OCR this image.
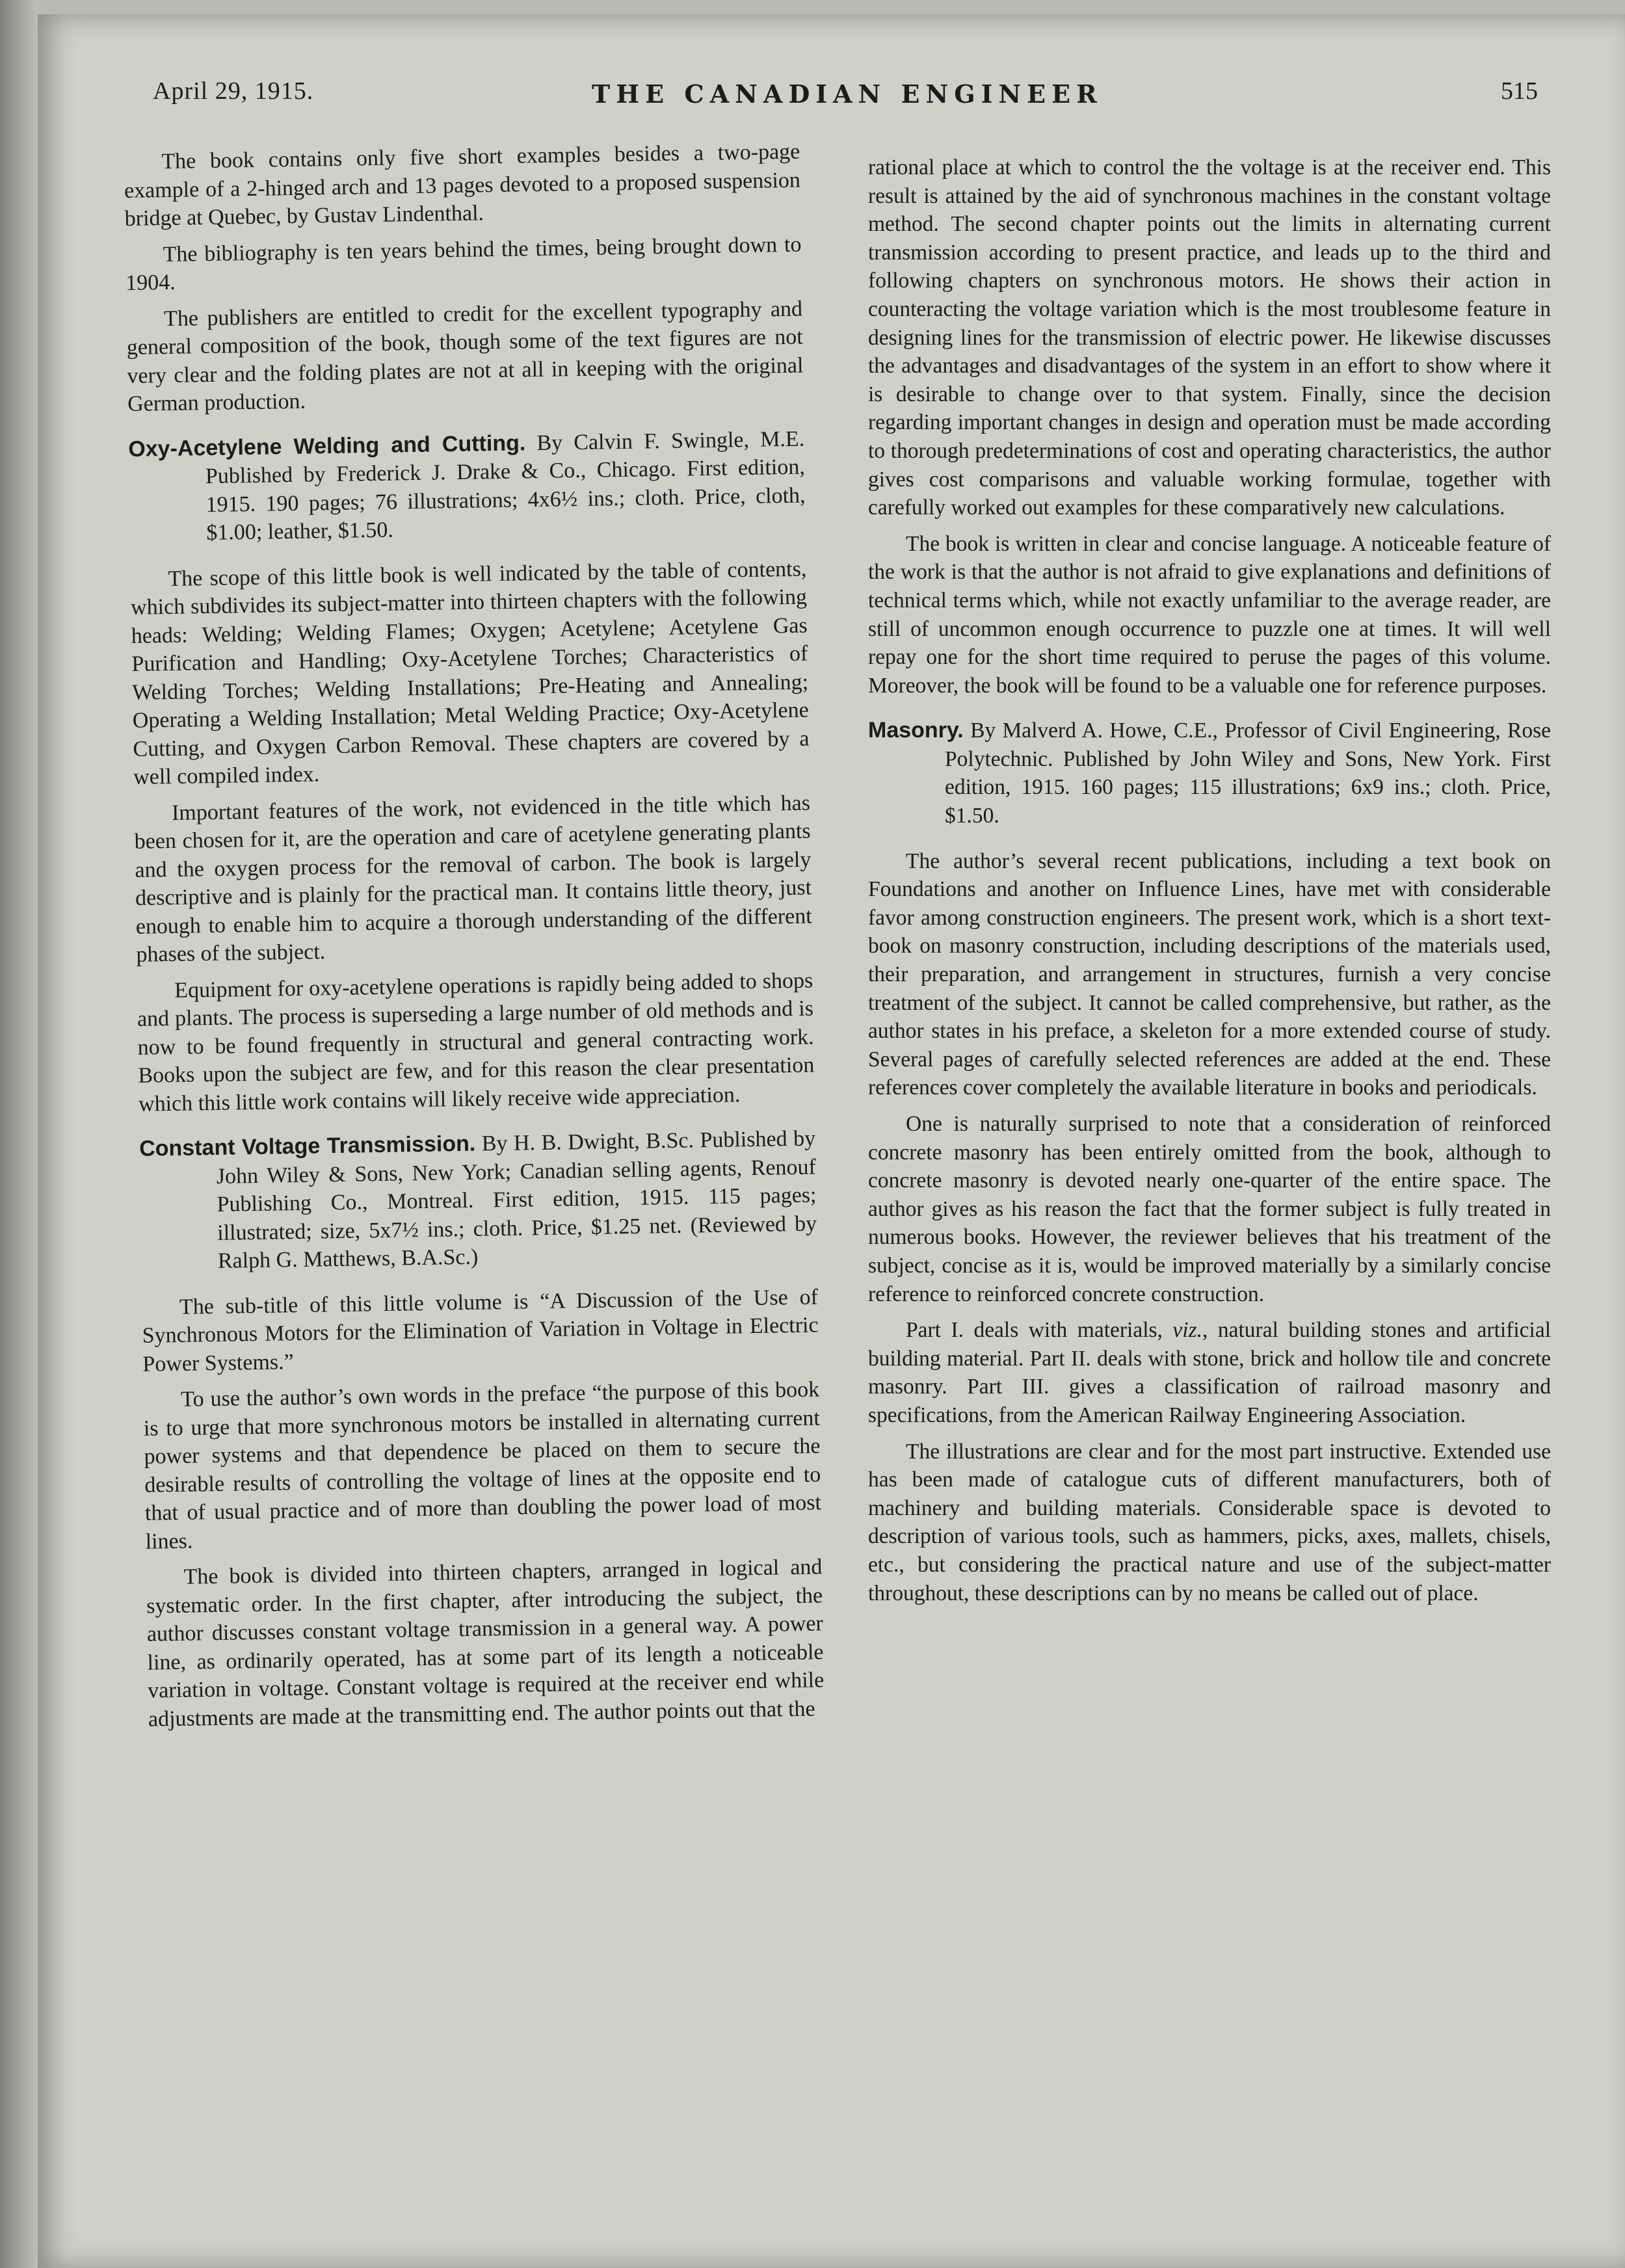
April 29, 1915.	THE CANADIAN ENGINEER	515

The book contains only five short examples besides a two-page example of a 2-hinged arch and 13 pages devoted to a proposed suspension bridge at Quebec, by Gustav Lindenthal.

The bibliography is ten years behind the times, being brought down to 1904.

The publishers are entitled to credit for the excellent typography and general composition of the book, though some of the text figures are not very clear and the folding plates are not at all in keeping with the original German production.

Oxy-Acetylene Welding and Cutting. By Calvin F. Swingle, M.E. Published by Frederick J. Drake & Co., Chicago. First edition, 1915. 190 pages; 76 illustrations; 4x6½ ins.; cloth. Price, cloth, $1.00; leather, $1.50.

The scope of this little book is well indicated by the table of contents, which subdivides its subject-matter into thirteen chapters with the following heads: Welding; Welding Flames; Oxygen; Acetylene; Acetylene Gas Purification and Handling; Oxy-Acetylene Torches; Characteristics of Welding Torches; Welding Installations; Pre-Heating and Annealing; Operating a Welding Installation; Metal Welding Practice; Oxy-Acetylene Cutting, and Oxygen Carbon Removal. These chapters are covered by a well compiled index.

Important features of the work, not evidenced in the title which has been chosen for it, are the operation and care of acetylene generating plants and the oxygen process for the removal of carbon. The book is largely descriptive and is plainly for the practical man. It contains little theory, just enough to enable him to acquire a thorough understanding of the different phases of the subject.

Equipment for oxy-acetylene operations is rapidly being added to shops and plants. The process is superseding a large number of old methods and is now to be found frequently in structural and general contracting work. Books upon the subject are few, and for this reason the clear presentation which this little work contains will likely receive wide appreciation.

Constant Voltage Transmission. By H. B. Dwight, B.Sc. Published by John Wiley & Sons, New York; Canadian selling agents, Renouf Publishing Co., Montreal. First edition, 1915. 115 pages; illustrated; size, 5x7½ ins.; cloth. Price, $1.25 net. (Reviewed by Ralph G. Matthews, B.A.Sc.)

The sub-title of this little volume is “A Discussion of the Use of Synchronous Motors for the Elimination of Variation in Voltage in Electric Power Systems.”

To use the author’s own words in the preface “the purpose of this book is to urge that more synchronous motors be installed in alternating current power systems and that dependence be placed on them to secure the desirable results of controlling the voltage of lines at the opposite end to that of usual practice and of more than doubling the power load of most lines.

The book is divided into thirteen chapters, arranged in logical and systematic order. In the first chapter, after introducing the subject, the author discusses constant voltage transmission in a general way. A power line, as ordinarily operated, has at some part of its length a noticeable variation in voltage. Constant voltage is required at the receiver end while adjustments are made at the transmitting end. The author points out that the

rational place at which to control the the voltage is at the receiver end. This result is attained by the aid of synchronous machines in the constant voltage method. The second chapter points out the limits in alternating current transmission according to present practice, and leads up to the third and following chapters on synchronous motors. He shows their action in counteracting the voltage variation which is the most troublesome feature in designing lines for the transmission of electric power. He likewise discusses the advantages and disadvantages of the system in an effort to show where it is desirable to change over to that system. Finally, since the decision regarding important changes in design and operation must be made according to thorough predeterminations of cost and operating characteristics, the author gives cost comparisons and valuable working formulae, together with carefully worked out examples for these comparatively new calculations.

The book is written in clear and concise language. A noticeable feature of the work is that the author is not afraid to give explanations and definitions of technical terms which, while not exactly unfamiliar to the average reader, are still of uncommon enough occurrence to puzzle one at times. It will well repay one for the short time required to peruse the pages of this volume. Moreover, the book will be found to be a valuable one for reference purposes.

Masonry. By Malverd A. Howe, C.E., Professor of Civil Engineering, Rose Polytechnic. Published by John Wiley and Sons, New York. First edition, 1915. 160 pages; 115 illustrations; 6x9 ins.; cloth. Price, $1.50.

The author’s several recent publications, including a text book on Foundations and another on Influence Lines, have met with considerable favor among construction engineers. The present work, which is a short text-book on masonry construction, including descriptions of the materials used, their preparation, and arrangement in structures, furnish a very concise treatment of the subject. It cannot be called comprehensive, but rather, as the author states in his preface, a skeleton for a more extended course of study. Several pages of carefully selected references are added at the end. These references cover completely the available literature in books and periodicals.

One is naturally surprised to note that a consideration of reinforced concrete masonry has been entirely omitted from the book, although to concrete masonry is devoted nearly one-quarter of the entire space. The author gives as his reason the fact that the former subject is fully treated in numerous books. However, the reviewer believes that his treatment of the subject, concise as it is, would be improved materially by a similarly concise reference to reinforced concrete construction.

Part I. deals with materials, viz., natural building stones and artificial building material. Part II. deals with stone, brick and hollow tile and concrete masonry. Part III. gives a classification of railroad masonry and specifications, from the American Railway Engineering Association.

The illustrations are clear and for the most part instructive. Extended use has been made of catalogue cuts of different manufacturers, both of machinery and building materials. Considerable space is devoted to description of various tools, such as hammers, picks, axes, mallets, chisels, etc., but considering the practical nature and use of the subject-matter throughout, these descriptions can by no means be called out of place.
